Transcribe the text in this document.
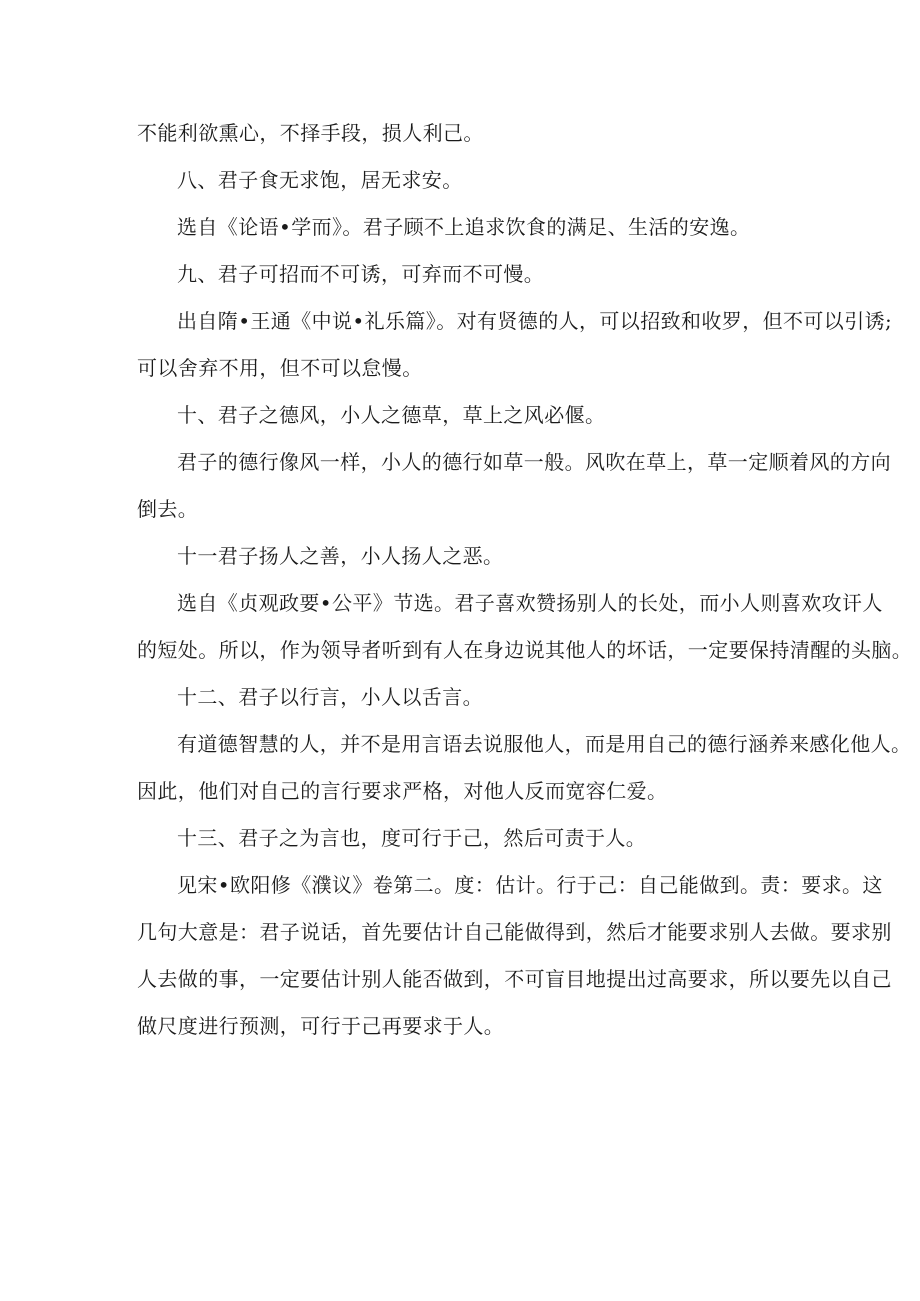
不能利欲熏心，不择手段，损人利己。

八、君子食无求饱，居无求安。

选自《论语•学而》。君子顾不上追求饮食的满足、生活的安逸。

九、君子可招而不可诱，可弃而不可慢。

出自隋•王通《中说•礼乐篇》。对有贤德的人，可以招致和收罗，但不可以引诱;

可以舍弃不用，但不可以怠慢。

十、君子之德风，小人之德草，草上之风必偃。

君子的德行像风一样，小人的德行如草一般。风吹在草上，草一定顺着风的方向

倒去。

十一君子扬人之善，小人扬人之恶。

选自《贞观政要•公平》节选。君子喜欢赞扬别人的长处，而小人则喜欢攻讦人

的短处。所以，作为领导者听到有人在身边说其他人的坏话，一定要保持清醒的头脑。

十二、君子以行言，小人以舌言。

有道德智慧的人，并不是用言语去说服他人，而是用自己的德行涵养来感化他人。

因此，他们对自己的言行要求严格，对他人反而宽容仁爱。

十三、君子之为言也，度可行于己，然后可责于人。

见宋•欧阳修《濮议》卷第二。度：估计。行于己：自己能做到。责：要求。这

几句大意是：君子说话，首先要估计自己能做得到，然后才能要求别人去做。要求别

人去做的事，一定要估计别人能否做到，不可盲目地提出过高要求，所以要先以自己

做尺度进行预测，可行于己再要求于人。
